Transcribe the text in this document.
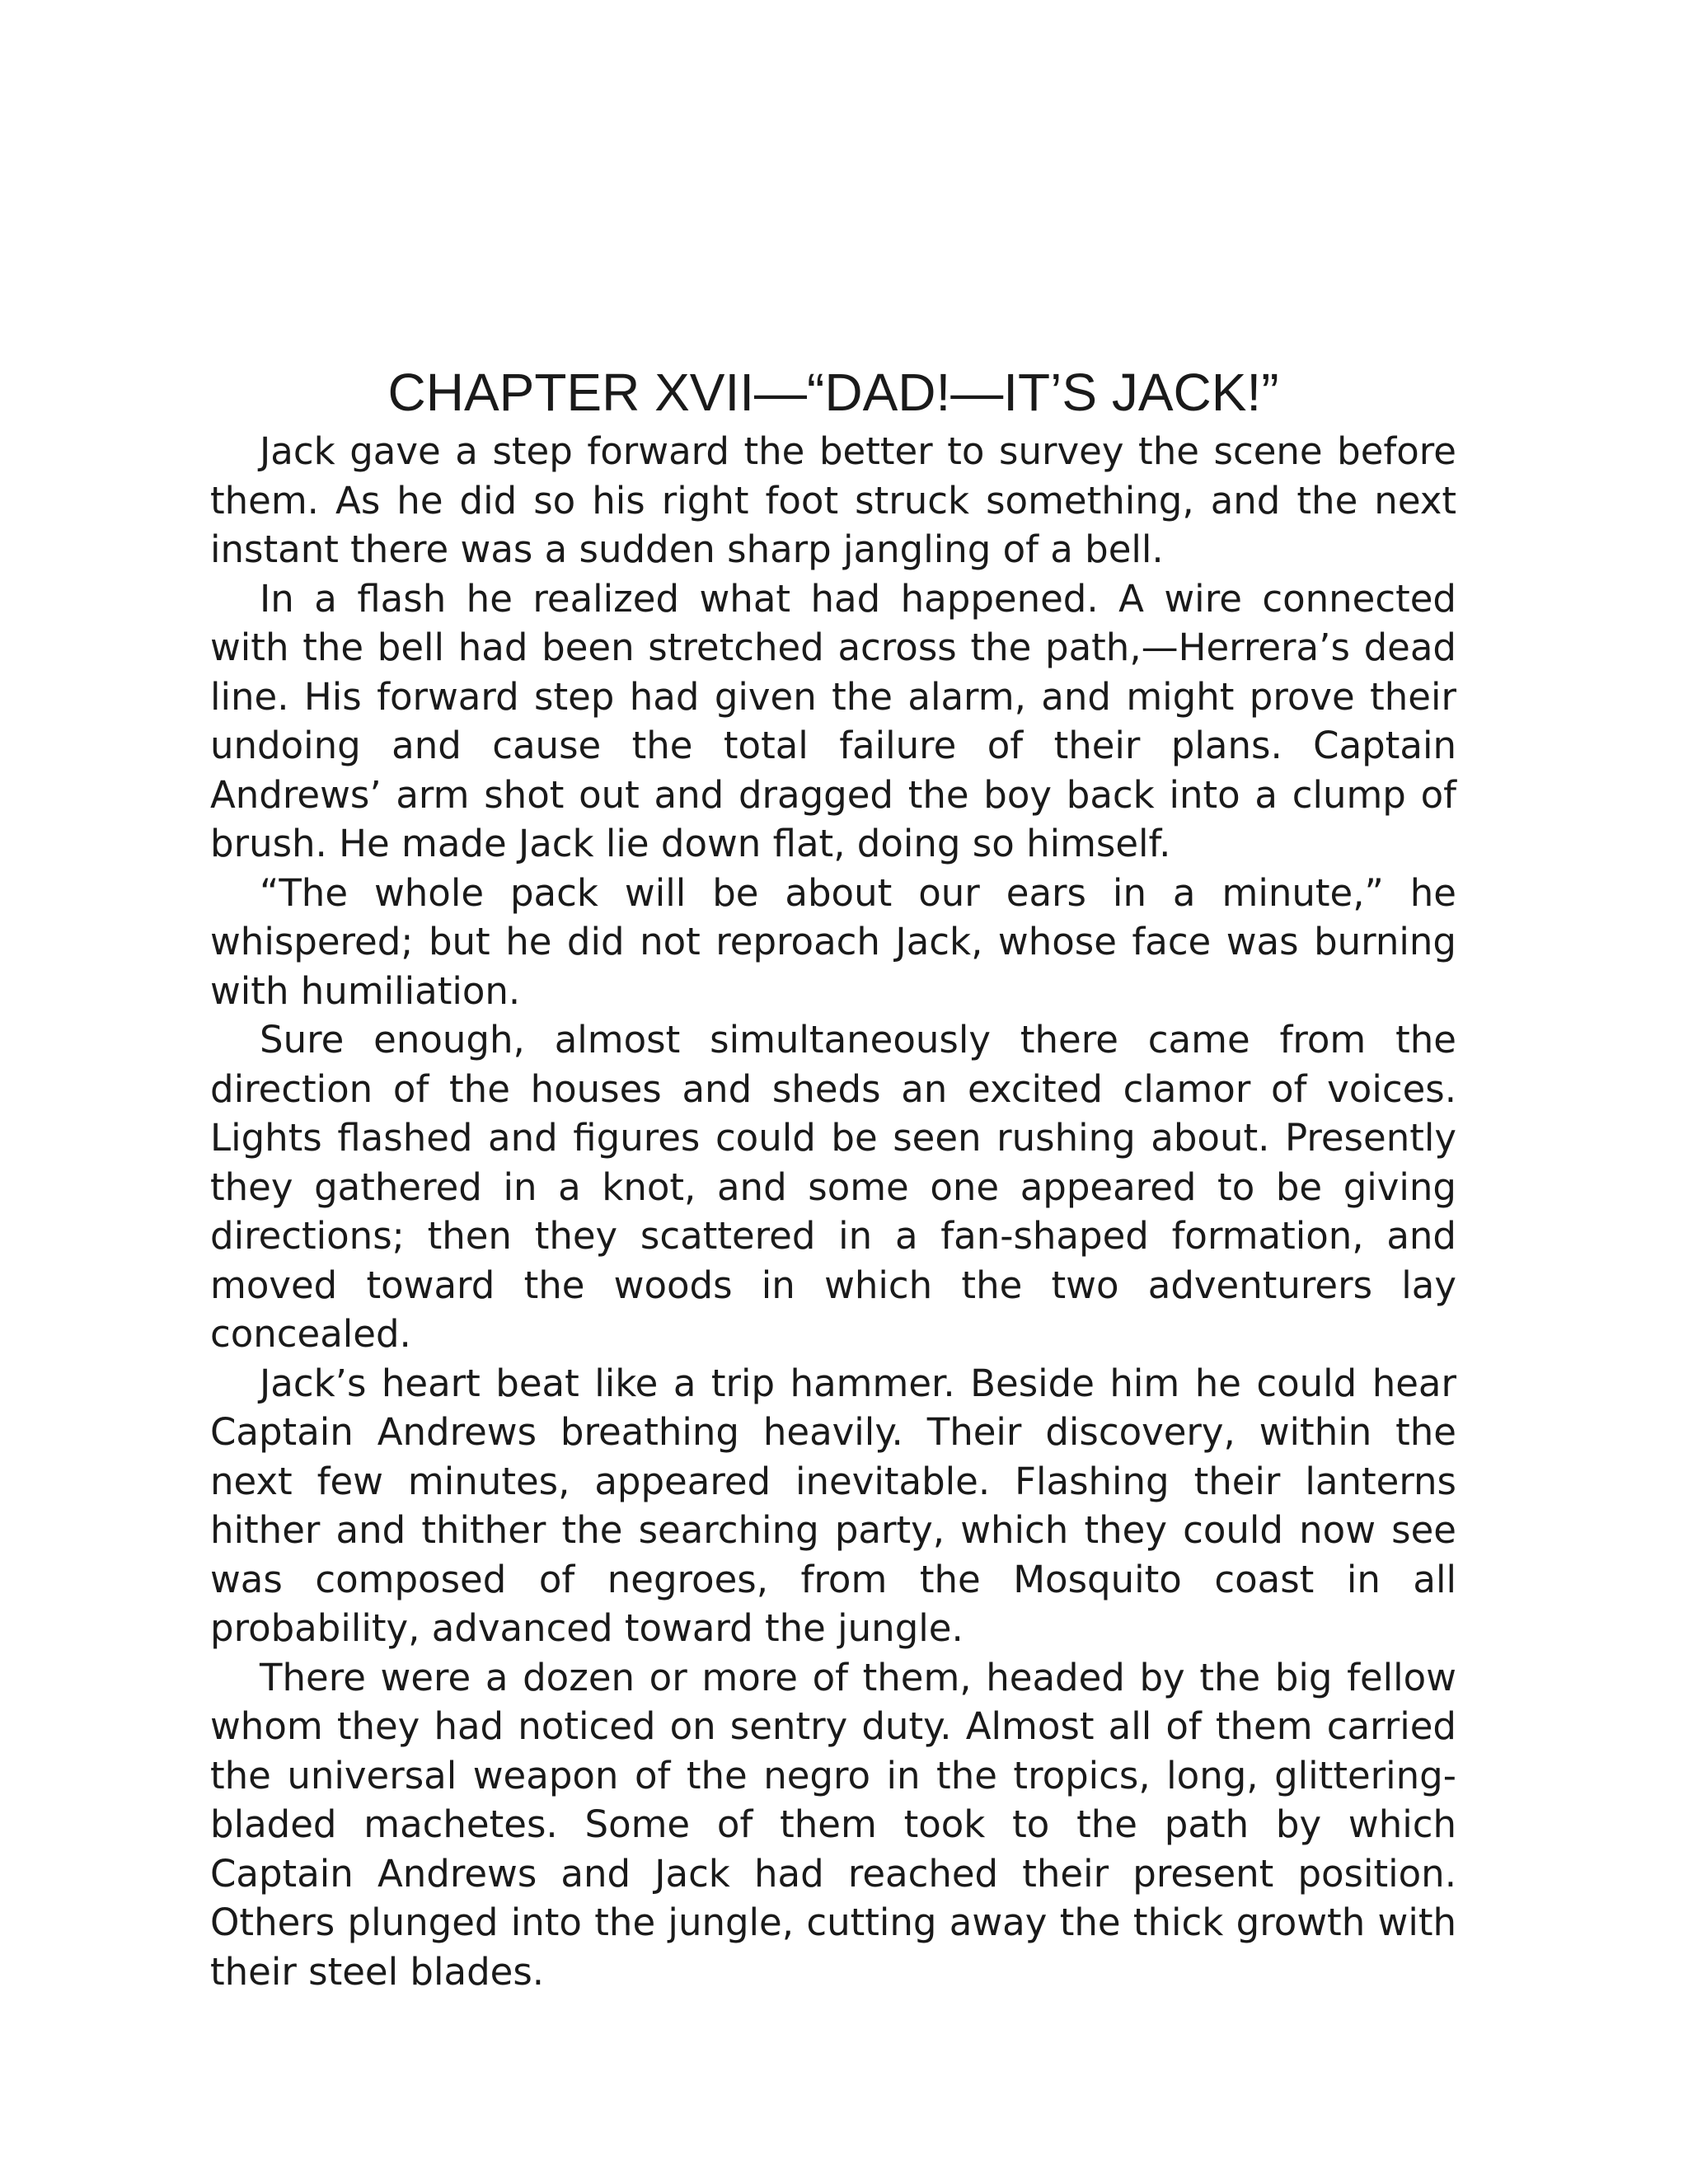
CHAPTER XVII—“DAD!—IT’S JACK!”

Jack gave a step forward the better to survey the scene before them. As he did so his right foot struck something, and the next instant there was a sudden sharp jangling of a bell.

In a flash he realized what had happened. A wire connected with the bell had been stretched across the path,—Herrera’s dead line. His forward step had given the alarm, and might prove their undoing and cause the total failure of their plans. Captain Andrews’ arm shot out and dragged the boy back into a clump of brush. He made Jack lie down flat, doing so himself.

“The whole pack will be about our ears in a minute,” he whispered; but he did not reproach Jack, whose face was burning with humiliation.

Sure enough, almost simultaneously there came from the direction of the houses and sheds an excited clamor of voices. Lights flashed and figures could be seen rushing about. Presently they gathered in a knot, and some one appeared to be giving directions; then they scattered in a fan-shaped formation, and moved toward the woods in which the two adventurers lay concealed.

Jack’s heart beat like a trip hammer. Beside him he could hear Captain Andrews breathing heavily. Their discovery, within the next few minutes, appeared inevitable. Flashing their lanterns hither and thither the searching party, which they could now see was composed of negroes, from the Mosquito coast in all probability, advanced toward the jungle.

There were a dozen or more of them, headed by the big fellow whom they had noticed on sentry duty. Almost all of them carried the universal weapon of the negro in the tropics, long, glittering-bladed machetes. Some of them took to the path by which Captain Andrews and Jack had reached their present position. Others plunged into the jungle, cutting away the thick growth with their steel blades.
